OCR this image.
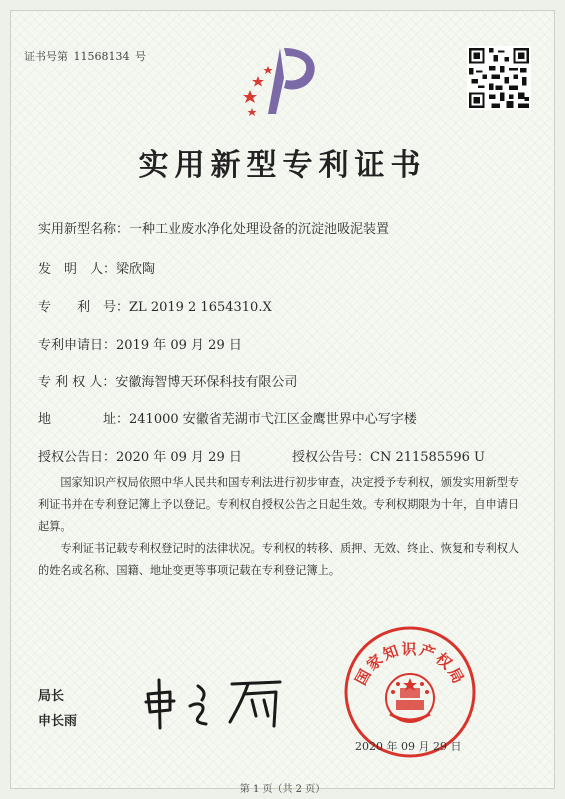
证书号第 11568134 号
实用新型专利证书
实用新型名称：一种工业废水净化处理设备的沉淀池吸泥装置
发　明　人：梁欣陶
专　　利　号：ZL 2019 2 1654310.X
专利申请日：2019 年 09 月 29 日
专 利 权 人：安徽海智博天环保科技有限公司
地　　　　址：241000 安徽省芜湖市弋江区金鹰世界中心写字楼
授权公告日：2020 年 09 月 29 日	授权公告号：CN 211585596 U

国家知识产权局依照中华人民共和国专利法进行初步审查，决定授予专利权，颁发实用新型专利证书并在专利登记簿上予以登记。专利权自授权公告之日起生效。专利权期限为十年，自申请日起算。

专利证书记载专利权登记时的法律状况。专利权的转移、质押、无效、终止、恢复和专利权人的姓名或名称、国籍、地址变更等事项记载在专利登记簿上。

局长
申长雨
国家知识产权局
2020 年 09 月 29 日
第 1 页（共 2 页）
